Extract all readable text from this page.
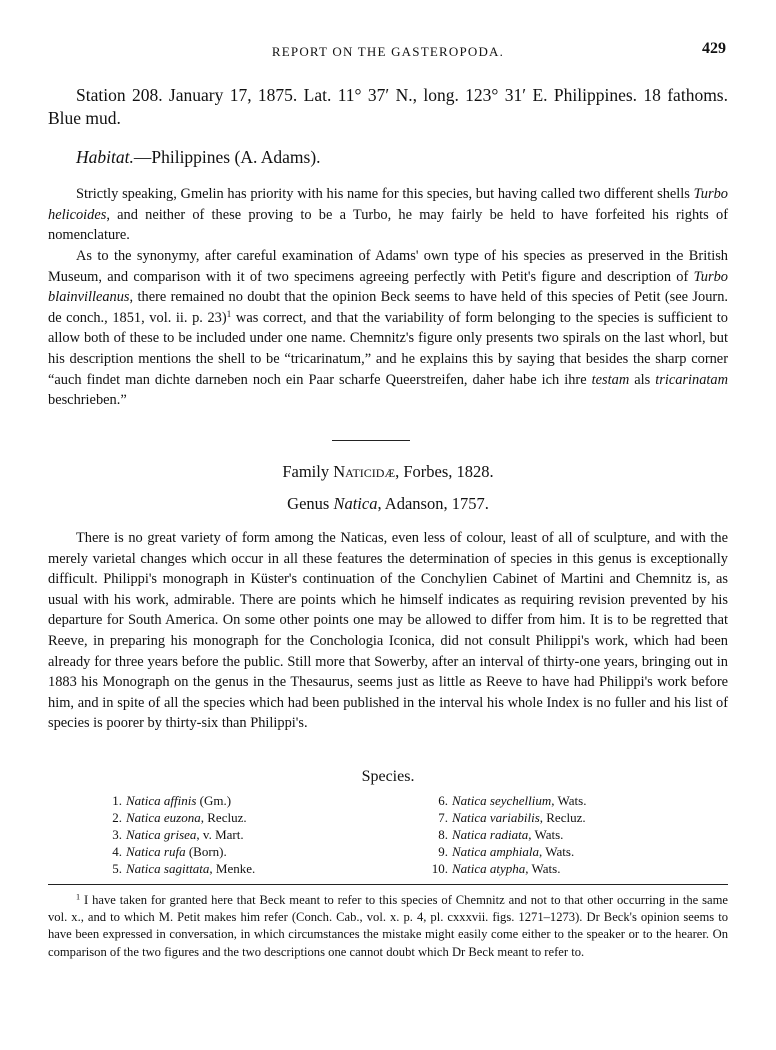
REPORT ON THE GASTEROPODA.	429
Station 208. January 17, 1875. Lat. 11° 37′ N., long. 123° 31′ E. Philippines. 18 fathoms. Blue mud.
Habitat.—Philippines (A. Adams).

Strictly speaking, Gmelin has priority with his name for this species, but having called two different shells Turbo helicoides, and neither of these proving to be a Turbo, he may fairly be held to have forfeited his rights of nomenclature.

As to the synonymy, after careful examination of Adams' own type of his species as preserved in the British Museum, and comparison with it of two specimens agreeing perfectly with Petit's figure and description of Turbo blainvilleanus, there remained no doubt that the opinion Beck seems to have held of this species of Petit (see Journ. de conch., 1851, vol. ii. p. 23)$^1$ was correct, and that the variability of form belonging to the species is sufficient to allow both of these to be included under one name. Chemnitz's figure only presents two spirals on the last whorl, but his description mentions the shell to be “tricarinatum,” and he explains this by saying that besides the sharp corner “auch findet man dichte darneben noch ein Paar scharfe Queerstreifen, daher habe ich ihre testam als tricarinatam beschrieben.”

Family Naticidæ, Forbes, 1828.
Genus Natica, Adanson, 1757.

There is no great variety of form among the Naticas, even less of colour, least of all of sculpture, and with the merely varietal changes which occur in all these features the determination of species in this genus is exceptionally difficult. Philippi's monograph in Küster's continuation of the Conchylien Cabinet of Martini and Chemnitz is, as usual with his work, admirable. There are points which he himself indicates as requiring revision prevented by his departure for South America. On some other points one may be allowed to differ from him. It is to be regretted that Reeve, in preparing his monograph for the Conchologia Iconica, did not consult Philippi's work, which had been already for three years before the public. Still more that Sowerby, after an interval of thirty-one years, bringing out in 1883 his Monograph on the genus in the Thesaurus, seems just as little as Reeve to have had Philippi's work before him, and in spite of all the species which had been published in the interval his whole Index is no fuller and his list of species is poorer by thirty-six than Philippi's.

Species.
1. Natica affinis (Gm.)
2. Natica euzona, Recluz.
3. Natica grisea, v. Mart.
4. Natica rufa (Born).
5. Natica sagittata, Menke.
6. Natica seychellium, Wats.
7. Natica variabilis, Recluz.
8. Natica radiata, Wats.
9. Natica amphiala, Wats.
10. Natica atypha, Wats.

$^1$ I have taken for granted here that Beck meant to refer to this species of Chemnitz and not to that other occurring in the same vol. x., and to which M. Petit makes him refer (Conch. Cab., vol. x. p. 4, pl. cxxxvii. figs. 1271–1273). Dr Beck's opinion seems to have been expressed in conversation, in which circumstances the mistake might easily come either to the speaker or to the hearer. On comparison of the two figures and the two descriptions one cannot doubt which Dr Beck meant to refer to.
